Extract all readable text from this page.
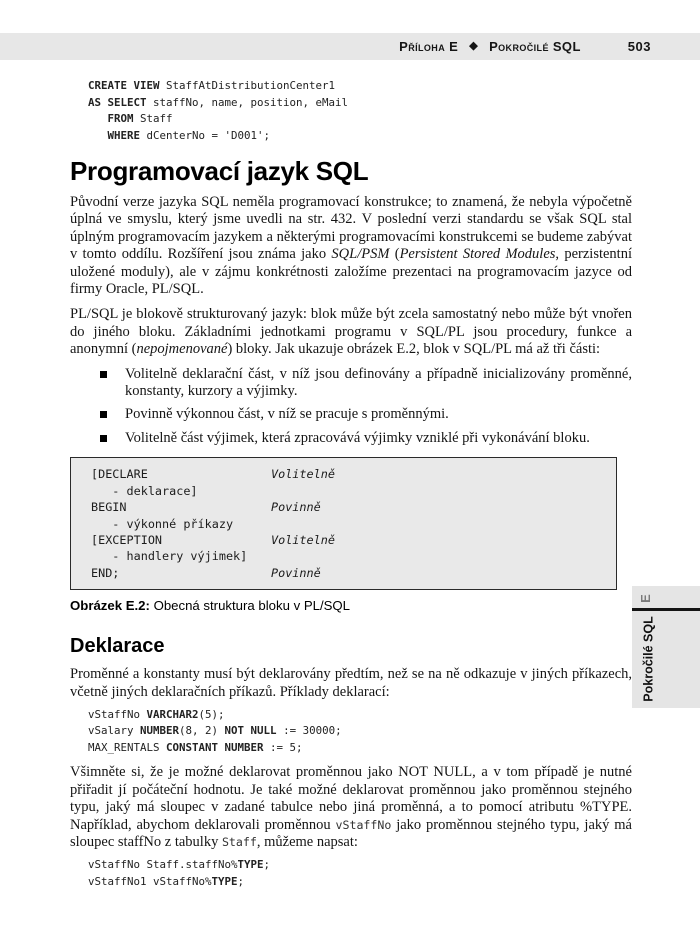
Příloha E ◆ Pokročilé SQL	503
CREATE VIEW StaffAtDistributionCenter1
AS SELECT staffNo, name, position, eMail
FROM Staff
WHERE dCenterNo = 'D001';
Programovací jazyk SQL

Původní verze jazyka SQL neměla programovací konstrukce; to znamená, že nebyla výpočetně úplná ve smyslu, který jsme uvedli na str. 432. V poslední verzi standardu se však SQL stal úplným programovacím jazykem a některými programovacími konstrukcemi se budeme zabývat v tomto oddílu. Rozšíření jsou známa jako SQL/PSM (Persistent Stored Modules, perzistentní uložené moduly), ale v zájmu konkrétnosti založíme prezentaci na programovacím jazyce od firmy Oracle, PL/SQL.

PL/SQL je blokově strukturovaný jazyk: blok může být zcela samostatný nebo může být vnořen do jiného bloku. Základními jednotkami programu v SQL/PL jsou procedury, funkce a anonymní (nepojmenované) bloky. Jak ukazuje obrázek E.2, blok v SQL/PL má až tři části:

Volitelně deklarační část, v níž jsou definovány a případně inicializovány proměnné, konstanty, kurzory a výjimky.
Povinně výkonnou část, v níž se pracuje s proměnnými.
Volitelně část výjimek, která zpracovává výjimky vzniklé při vykonávání bloku.
[DECLARE	Volitelně
- deklarace]
BEGIN	Povinně
- výkonné příkazy
[EXCEPTION	Volitelně
- handlery výjimek]
END;	Povinně

Obrázek E.2: Obecná struktura bloku v PL/SQL

Deklarace

Proměnné a konstanty musí být deklarovány předtím, než se na ně odkazuje v jiných příkazech, včetně jiných deklaračních příkazů. Příklady deklarací:

vStaffNo VARCHAR2(5);
vSalary NUMBER(8, 2) NOT NULL := 30000;
MAX_RENTALS CONSTANT NUMBER := 5;

Všimněte si, že je možné deklarovat proměnnou jako NOT NULL, a v tom případě je nutné přiřadit jí počáteční hodnotu. Je také možné deklarovat proměnnou jako proměnnou stejného typu, jaký má sloupec v zadané tabulce nebo jiná proměnná, a to pomocí atributu %TYPE. Například, abychom deklarovali proměnnou vStaffNo jako proměnnou stejného typu, jaký má sloupec staffNo z tabulky Staff, můžeme napsat:

vStaffNo Staff.staffNo%TYPE;
vStaffNo1 vStaffNo%TYPE;
E
Pokročilé SQL
